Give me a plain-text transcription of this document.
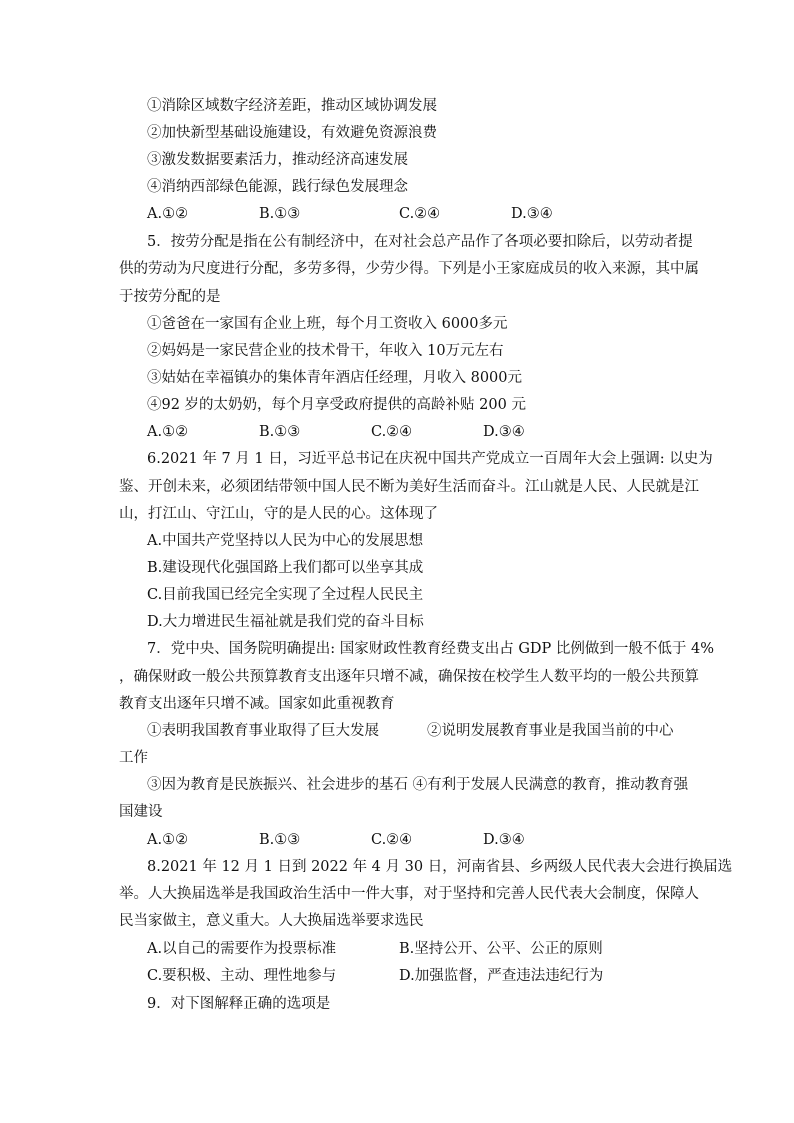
①消除区域数字经济差距，推动区域协调发展
②加快新型基础设施建设，有效避免资源浪费
③激发数据要素活力，推动经济高速发展
④消纳西部绿色能源，践行绿色发展理念
A.①②	B.①③	C.②④	D.③④
5．按劳分配是指在公有制经济中，在对社会总产品作了各项必要扣除后，以劳动者提
供的劳动为尺度进行分配，多劳多得，少劳少得。下列是小王家庭成员的收入来源，其中属
于按劳分配的是
①爸爸在一家国有企业上班，每个月工资收入 6000多元
②妈妈是一家民营企业的技术骨干，年收入 10万元左右
③姑姑在幸福镇办的集体青年酒店任经理，月收入 8000元
④92 岁的太奶奶，每个月享受政府提供的高龄补贴 200 元
A.①②	B.①③	C.②④	D.③④
6.2021 年 7 月 1 日，习近平总书记在庆祝中国共产党成立一百周年大会上强调: 以史为
鉴、开创未来，必须团结带领中国人民不断为美好生活而奋斗。江山就是人民、人民就是江
山，打江山、守江山，守的是人民的心。这体现了
A.中国共产党坚持以人民为中心的发展思想
B.建设现代化强国路上我们都可以坐享其成
C.目前我国已经完全实现了全过程人民民主
D.大力增进民生福祉就是我们党的奋斗目标
7．党中央、国务院明确提出: 国家财政性教育经费支出占 GDP 比例做到一般不低于 4%
，确保财政一般公共预算教育支出逐年只增不减，确保按在校学生人数平均的一般公共预算
教育支出逐年只增不减。国家如此重视教育
①表明我国教育事业取得了巨大发展	②说明发展教育事业是我国当前的中心
工作
③因为教育是民族振兴、社会进步的基石 ④有利于发展人民满意的教育，推动教育强
国建设
A.①②	B.①③	C.②④	D.③④
8.2021 年 12 月 1 日到 2022 年 4 月 30 日，河南省县、乡两级人民代表大会进行换届选
举。人大换届选举是我国政治生活中一件大事，对于坚持和完善人民代表大会制度，保障人
民当家做主，意义重大。人大换届选举要求选民
A.以自己的需要作为投票标准	B.坚持公开、公平、公正的原则
C.要积极、主动、理性地参与	D.加强监督，严查违法违纪行为
9．对下图解释正确的选项是
